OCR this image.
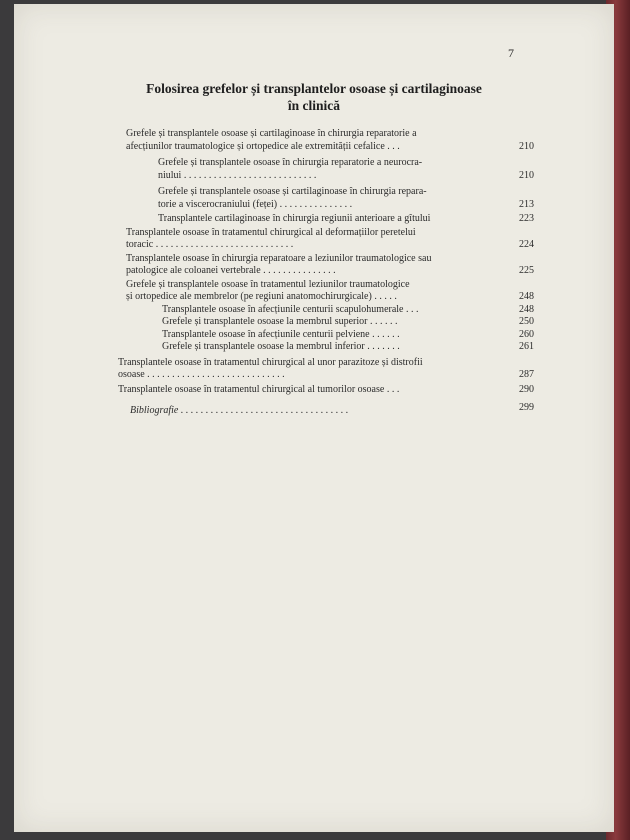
7
Folosirea grefelor și transplantelor osoase și cartilaginoase
în clinică
Grefele și transplantele osoase și cartilaginoase în chirurgia reparatorie a
afecțiunilor traumatologice și ortopedice ale extremității cefalice . . .	210
Grefele și transplantele osoase în chirurgia reparatorie a neurocra-
niului . . . . . . . . . . . . . . . . . . . . . . . . . . .	210
Grefele și transplantele osoase și cartilaginoase în chirurgia repara-
torie a viscerocraniului (feței) . . . . . . . . . . . . . . .	213
Transplantele cartilaginoase în chirurgia regiunii anterioare a gîtului	223
Transplantele osoase în tratamentul chirurgical al deformațiilor peretelui
toracic . . . . . . . . . . . . . . . . . . . . . . . . . . . .	224
Transplantele osoase în chirurgia reparatoare a leziunilor traumatologice sau
patologice ale coloanei vertebrale . . . . . . . . . . . . . . .	225
Grefele și transplantele osoase în tratamentul leziunilor traumatologice
și ortopedice ale membrelor (pe regiuni anatomochirurgicale) . . . . .	248
Transplantele osoase în afecțiunile centurii scapulohumerale . . .	248
Grefele și transplantele osoase la membrul superior . . . . . .	250
Transplantele osoase în afecțiunile centurii pelviene . . . . . .	260
Grefele și transplantele osoase la membrul inferior . . . . . . .	261
Transplantele osoase în tratamentul chirurgical al unor parazitoze și distrofii
osoase . . . . . . . . . . . . . . . . . . . . . . . . . . . .	287
Transplantele osoase în tratamentul chirurgical al tumorilor osoase . . .	290
Bibliografie . . . . . . . . . . . . . . . . . . . . . . . . . . . . . . . . . .	299
